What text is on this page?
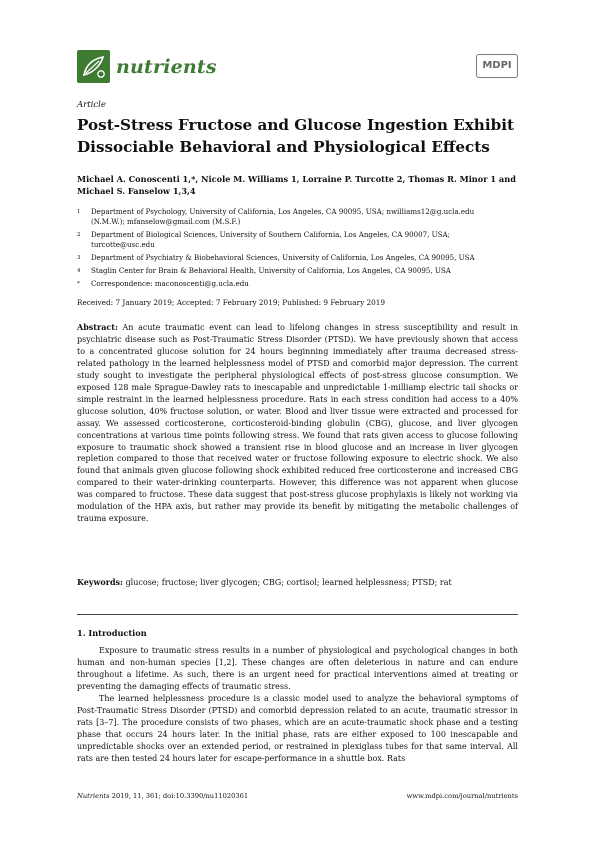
nutrients	MDPI
Article
Post-Stress Fructose and Glucose Ingestion Exhibit
Dissociable Behavioral and Physiological Effects
Michael A. Conoscenti 1,*, Nicole M. Williams 1, Lorraine P. Turcotte 2, Thomas R. Minor 1 and
Michael S. Fanselow 1,3,4
1	Department of Psychology, University of California, Los Angeles, CA 90095, USA; nwilliams12@g.ucla.edu
(N.M.W.); mfanselow@gmail.com (M.S.F.)
2	Department of Biological Sciences, University of Southern California, Los Angeles, CA 90007, USA;
turcotte@usc.edu
3	Department of Psychiatry & Biobehavioral Sciences, University of California, Los Angeles, CA 90095, USA
4	Staglin Center for Brain & Behavioral Health, University of California, Los Angeles, CA 90095, USA
*	Correspondence: maconoscenti@g.ucla.edu
Received: 7 January 2019; Accepted: 7 February 2019; Published: 9 February 2019
Abstract: An acute traumatic event can lead to lifelong changes in stress susceptibility and result in psychiatric disease such as Post-Traumatic Stress Disorder (PTSD). We have previously shown that access to a concentrated glucose solution for 24 hours beginning immediately after trauma decreased stress-related pathology in the learned helplessness model of PTSD and comorbid major depression. The current study sought to investigate the peripheral physiological effects of post-stress glucose consumption. We exposed 128 male Sprague-Dawley rats to inescapable and unpredictable 1-milliamp electric tail shocks or simple restraint in the learned helplessness procedure. Rats in each stress condition had access to a 40% glucose solution, 40% fructose solution, or water. Blood and liver tissue were extracted and processed for assay. We assessed corticosterone, corticosteroid-binding globulin (CBG), glucose, and liver glycogen concentrations at various time points following stress. We found that rats given access to glucose following exposure to traumatic shock showed a transient rise in blood glucose and an increase in liver glycogen repletion compared to those that received water or fructose following exposure to electric shock. We also found that animals given glucose following shock exhibited reduced free corticosterone and increased CBG compared to their water-drinking counterparts. However, this difference was not apparent when glucose was compared to fructose. These data suggest that post-stress glucose prophylaxis is likely not working via modulation of the HPA axis, but rather may provide its benefit by mitigating the metabolic challenges of trauma exposure.
Keywords: glucose; fructose; liver glycogen; CBG; cortisol; learned helplessness; PTSD; rat
1. Introduction

Exposure to traumatic stress results in a number of physiological and psychological changes in both human and non-human species [1,2]. These changes are often deleterious in nature and can endure throughout a lifetime. As such, there is an urgent need for practical interventions aimed at treating or preventing the damaging effects of traumatic stress.

The learned helplessness procedure is a classic model used to analyze the behavioral symptoms of Post-Traumatic Stress Disorder (PTSD) and comorbid depression related to an acute, traumatic stressor in rats [3–7]. The procedure consists of two phases, which are an acute-traumatic shock phase and a testing phase that occurs 24 hours later. In the initial phase, rats are either exposed to 100 inescapable and unpredictable shocks over an extended period, or restrained in plexiglass tubes for that same interval. All rats are then tested 24 hours later for escape-performance in a shuttle box. Rats

Nutrients 2019, 11, 361; doi:10.3390/nu11020361	www.mdpi.com/journal/nutrients
